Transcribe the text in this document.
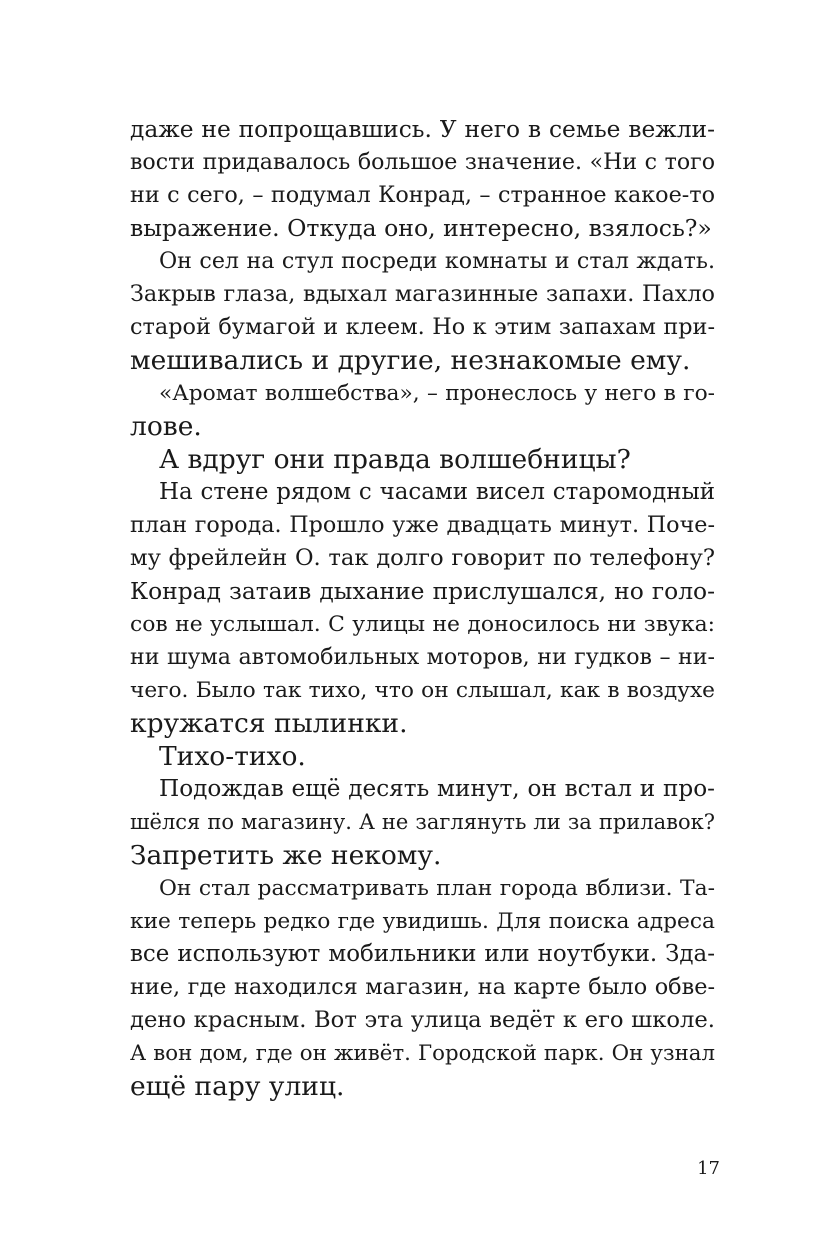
даже не попрощавшись. У него в семье вежли-
вости придавалось большое значение. «Ни с того
ни с сего, – подумал Конрад, – странное какое-то
выражение. Откуда оно, интересно, взялось?»
Он сел на стул посреди комнаты и стал ждать.
Закрыв глаза, вдыхал магазинные запахи. Пахло
старой бумагой и клеем. Но к этим запахам при-
мешивались и другие, незнакомые ему.
«Аромат волшебства», – пронеслось у него в го-
лове.
А вдруг они правда волшебницы?
На стене рядом с часами висел старомодный
план города. Прошло уже двадцать минут. Поче-
му фрейлейн О. так долго говорит по телефону?
Конрад затаив дыхание прислушался, но голо-
сов не услышал. С улицы не доносилось ни звука:
ни шума автомобильных моторов, ни гудков – ни-
чего. Было так тихо, что он слышал, как в воздухе
кружатся пылинки.
Тихо-тихо.
Подождав ещё десять минут, он встал и про-
шёлся по магазину. А не заглянуть ли за прилавок?
Запретить же некому.
Он стал рассматривать план города вблизи. Та-
кие теперь редко где увидишь. Для поиска адреса
все используют мобильники или ноутбуки. Зда-
ние, где находился магазин, на карте было обве-
дено красным. Вот эта улица ведёт к его школе.
А вон дом, где он живёт. Городской парк. Он узнал
ещё пару улиц.
17
